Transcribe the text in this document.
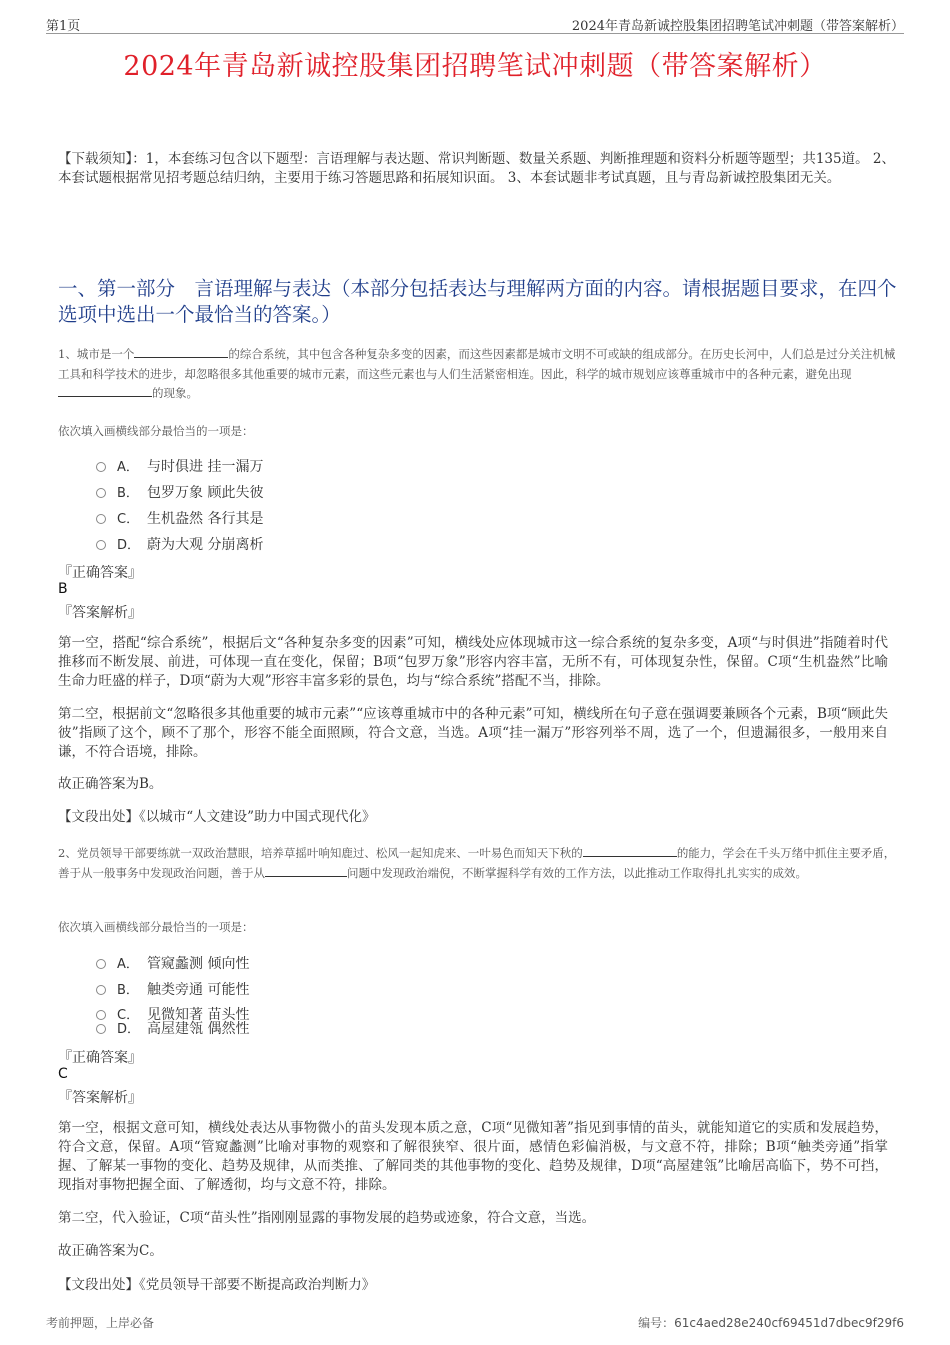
第1页	2024年青岛新诚控股集团招聘笔试冲刺题（带答案解析）
2024年青岛新诚控股集团招聘笔试冲刺题（带答案解析）
【下载须知】：1，本套练习包含以下题型：言语理解与表达题、常识判断题、数量关系题、判断推理题和资料分析题等题型；共135道。 2、本套试题根据常见招考题总结归纳，主要用于练习答题思路和拓展知识面。 3、本套试题非考试真题，且与青岛新诚控股集团无关。
一、第一部分　言语理解与表达（本部分包括表达与理解两方面的内容。请根据题目要求，在四个选项中选出一个最恰当的答案。）
1、城市是一个	的综合系统，其中包含各种复杂多变的因素，而这些因素都是城市文明不可或缺的组成部分。在历史长河中，人们总是过分关注机械工具和科学技术的进步，却忽略很多其他重要的城市元素，而这些元素也与人们生活紧密相连。因此，科学的城市规划应该尊重城市中的各种元素，避免出现的现象。
依次填入画横线部分最恰当的一项是：
A． 与时俱进 挂一漏万
B． 包罗万象 顾此失彼
C． 生机盎然 各行其是
D． 蔚为大观 分崩离析
『正确答案』
B
『答案解析』
第一空，搭配“综合系统”，根据后文“各种复杂多变的因素”可知，横线处应体现城市这一综合系统的复杂多变，A项“与时俱进”指随着时代推移而不断发展、前进，可体现一直在变化，保留；B项“包罗万象”形容内容丰富，无所不有，可体现复杂性，保留。C项“生机盎然”比喻生命力旺盛的样子，D项“蔚为大观”形容丰富多彩的景色，均与“综合系统”搭配不当，排除。
第二空，根据前文“忽略很多其他重要的城市元素”“应该尊重城市中的各种元素”可知，横线所在句子意在强调要兼顾各个元素，B项“顾此失彼”指顾了这个，顾不了那个，形容不能全面照顾，符合文意，当选。A项“挂一漏万”形容列举不周，选了一个，但遗漏很多，一般用来自谦，不符合语境，排除。
故正确答案为B。
【文段出处】《以城市“人文建设”助力中国式现代化》
2、党员领导干部要练就一双政治慧眼，培养草摇叶响知鹿过、松风一起知虎来、一叶易色而知天下秋的	的能力，学会在千头万绪中抓住主要矛盾，善于从一般事务中发现政治问题，善于从	问题中发现政治端倪，不断掌握科学有效的工作方法，以此推动工作取得扎扎实实的成效。
依次填入画横线部分最恰当的一项是：
A． 管窥蠡测 倾向性
B． 触类旁通 可能性
C． 见微知著 苗头性
D． 高屋建瓴 偶然性
『正确答案』
C
『答案解析』
第一空，根据文意可知，横线处表达从事物微小的苗头发现本质之意，C项“见微知著”指见到事情的苗头，就能知道它的实质和发展趋势，符合文意，保留。A项“管窥蠡测”比喻对事物的观察和了解很狭窄、很片面，感情色彩偏消极，与文意不符，排除；B项“触类旁通”指掌握、了解某一事物的变化、趋势及规律，从而类推、了解同类的其他事物的变化、趋势及规律，D项“高屋建瓴”比喻居高临下，势不可挡，现指对事物把握全面、了解透彻，均与文意不符，排除。
第二空，代入验证，C项“苗头性”指刚刚显露的事物发展的趋势或迹象，符合文意，当选。
故正确答案为C。
【文段出处】《党员领导干部要不断提高政治判断力》
考前押题，上岸必备	编号：61c4aed28e240cf69451d7dbec9f29f6
